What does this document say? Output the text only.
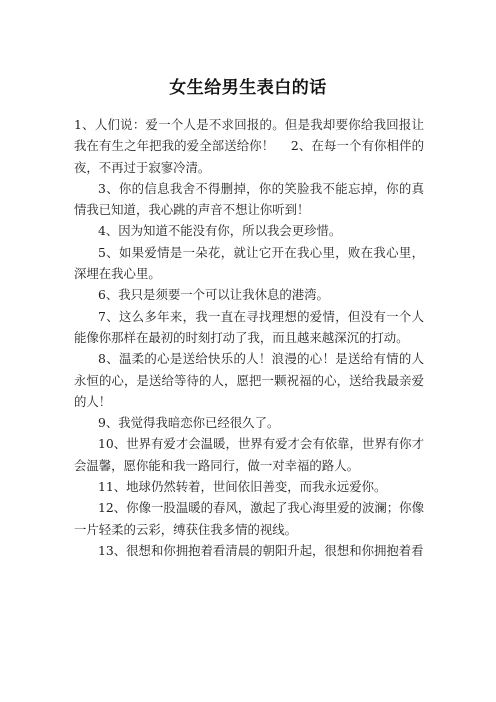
女生给男生表白的话

1、人们说：爱一个人是不求回报的。但是我却要你给我回报让我在有生之年把我的爱全部送给你！　 2、在每一个有你相伴的夜，不再过于寂寥冷清。

3、你的信息我舍不得删掉，你的笑脸我不能忘掉，你的真情我已知道，我心跳的声音不想让你听到！

4、因为知道不能没有你，所以我会更珍惜。

5、如果爱情是一朵花，就让它开在我心里，败在我心里，深埋在我心里。

6、我只是须要一个可以让我休息的港湾。

7、这么多年来，我一直在寻找理想的爱情，但没有一个人能像你那样在最初的时刻打动了我，而且越来越深沉的打动。

8、温柔的心是送给快乐的人！浪漫的心！是送给有情的人永恒的心，是送给等待的人，愿把一颗祝福的心，送给我最亲爱的人！

9、我觉得我暗恋你已经很久了。

10、世界有爱才会温暖，世界有爱才会有依靠，世界有你才会温馨，愿你能和我一路同行，做一对幸福的路人。

11、地球仍然转着，世间依旧善变，而我永远爱你。

12、你像一股温暖的春风，激起了我心海里爱的波澜；你像一片轻柔的云彩，缚获住我多情的视线。

13、很想和你拥抱着看清晨的朝阳升起，很想和你拥抱着看
